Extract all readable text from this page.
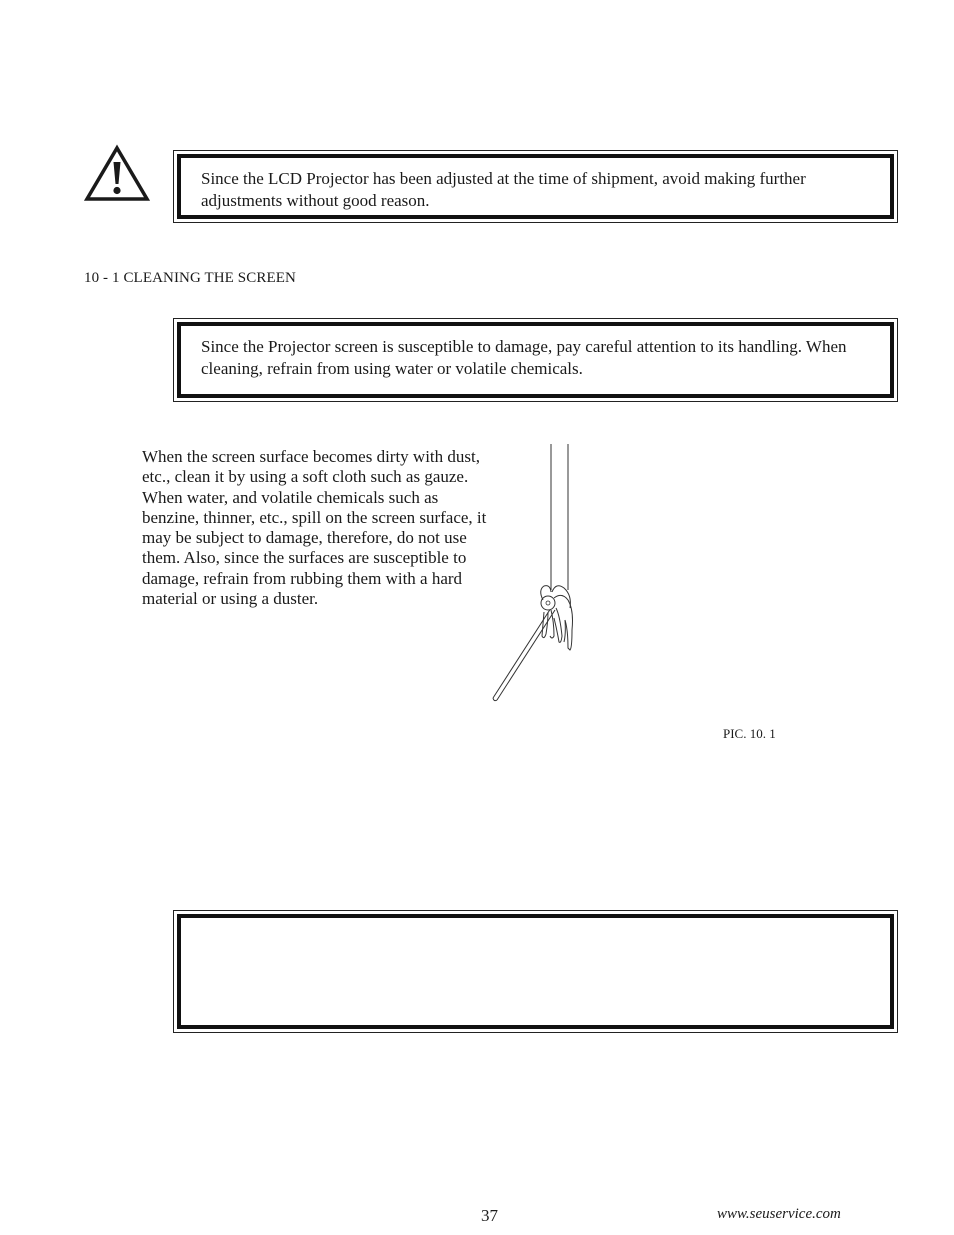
Since the LCD Projector has been adjusted at the time of shipment, avoid making further adjustments without good reason.

10 - 1 CLEANING THE SCREEN

Since the Projector screen is susceptible to damage, pay careful attention to its handling. When cleaning, refrain from using water or volatile chemicals.

When the screen surface becomes dirty with dust, etc., clean it by using a soft cloth such as gauze. When water, and volatile chemicals such as benzine, thinner, etc., spill on the screen surface, it may be subject to damage, therefore, do not use them. Also, since the surfaces are susceptible to damage, refrain from rubbing them with a hard material or using a duster.

PIC. 10. 1

37	www.seuservice.com
